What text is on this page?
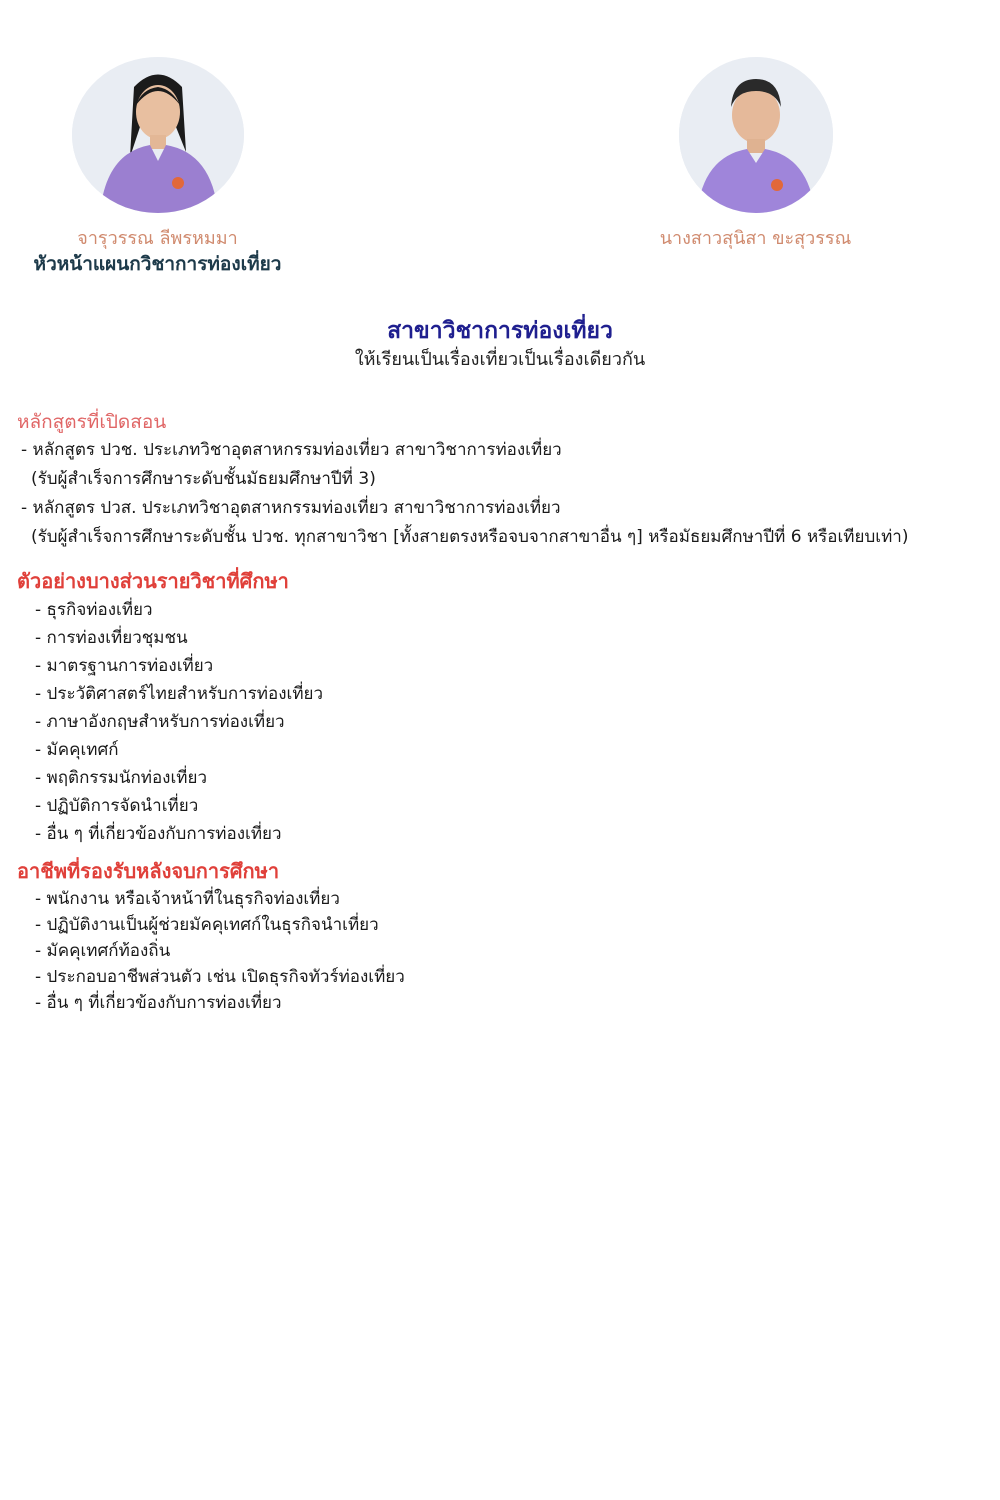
จารุวรรณ ลีพรหมมา
หัวหน้าแผนกวิชาการท่องเที่ยว
นางสาวสุนิสา ขะสุวรรณ
สาขาวิชาการท่องเที่ยว
ให้เรียนเป็นเรื่องเที่ยวเป็นเรื่องเดียวกัน
หลักสูตรที่เปิดสอน
- หลักสูตร ปวช. ประเภทวิชาอุตสาหกรรมท่องเที่ยว สาขาวิชาการท่องเที่ยว
(รับผู้สำเร็จการศึกษาระดับชั้นมัธยมศึกษาปีที่ 3)
- หลักสูตร ปวส. ประเภทวิชาอุตสาหกรรมท่องเที่ยว สาขาวิชาการท่องเที่ยว
(รับผู้สำเร็จการศึกษาระดับชั้น ปวช. ทุกสาขาวิชา [ทั้งสายตรงหรือจบจากสาขาอื่น ๆ] หรือมัธยมศึกษาปีที่ 6 หรือเทียบเท่า)
ตัวอย่างบางส่วนรายวิชาที่ศึกษา
- ธุรกิจท่องเที่ยว
- การท่องเที่ยวชุมชน
- มาตรฐานการท่องเที่ยว
- ประวัติศาสตร์ไทยสำหรับการท่องเที่ยว
- ภาษาอังกฤษสำหรับการท่องเที่ยว
- มัคคุเทศก์
- พฤติกรรมนักท่องเที่ยว
- ปฏิบัติการจัดนำเที่ยว
- อื่น ๆ ที่เกี่ยวข้องกับการท่องเที่ยว
อาชีพที่รองรับหลังจบการศึกษา
- พนักงาน หรือเจ้าหน้าที่ในธุรกิจท่องเที่ยว
- ปฏิบัติงานเป็นผู้ช่วยมัคคุเทศก์ในธุรกิจนำเที่ยว
- มัคคุเทศก์ท้องถิ่น
- ประกอบอาชีพส่วนตัว เช่น เปิดธุรกิจทัวร์ท่องเที่ยว
- อื่น ๆ ที่เกี่ยวข้องกับการท่องเที่ยว
